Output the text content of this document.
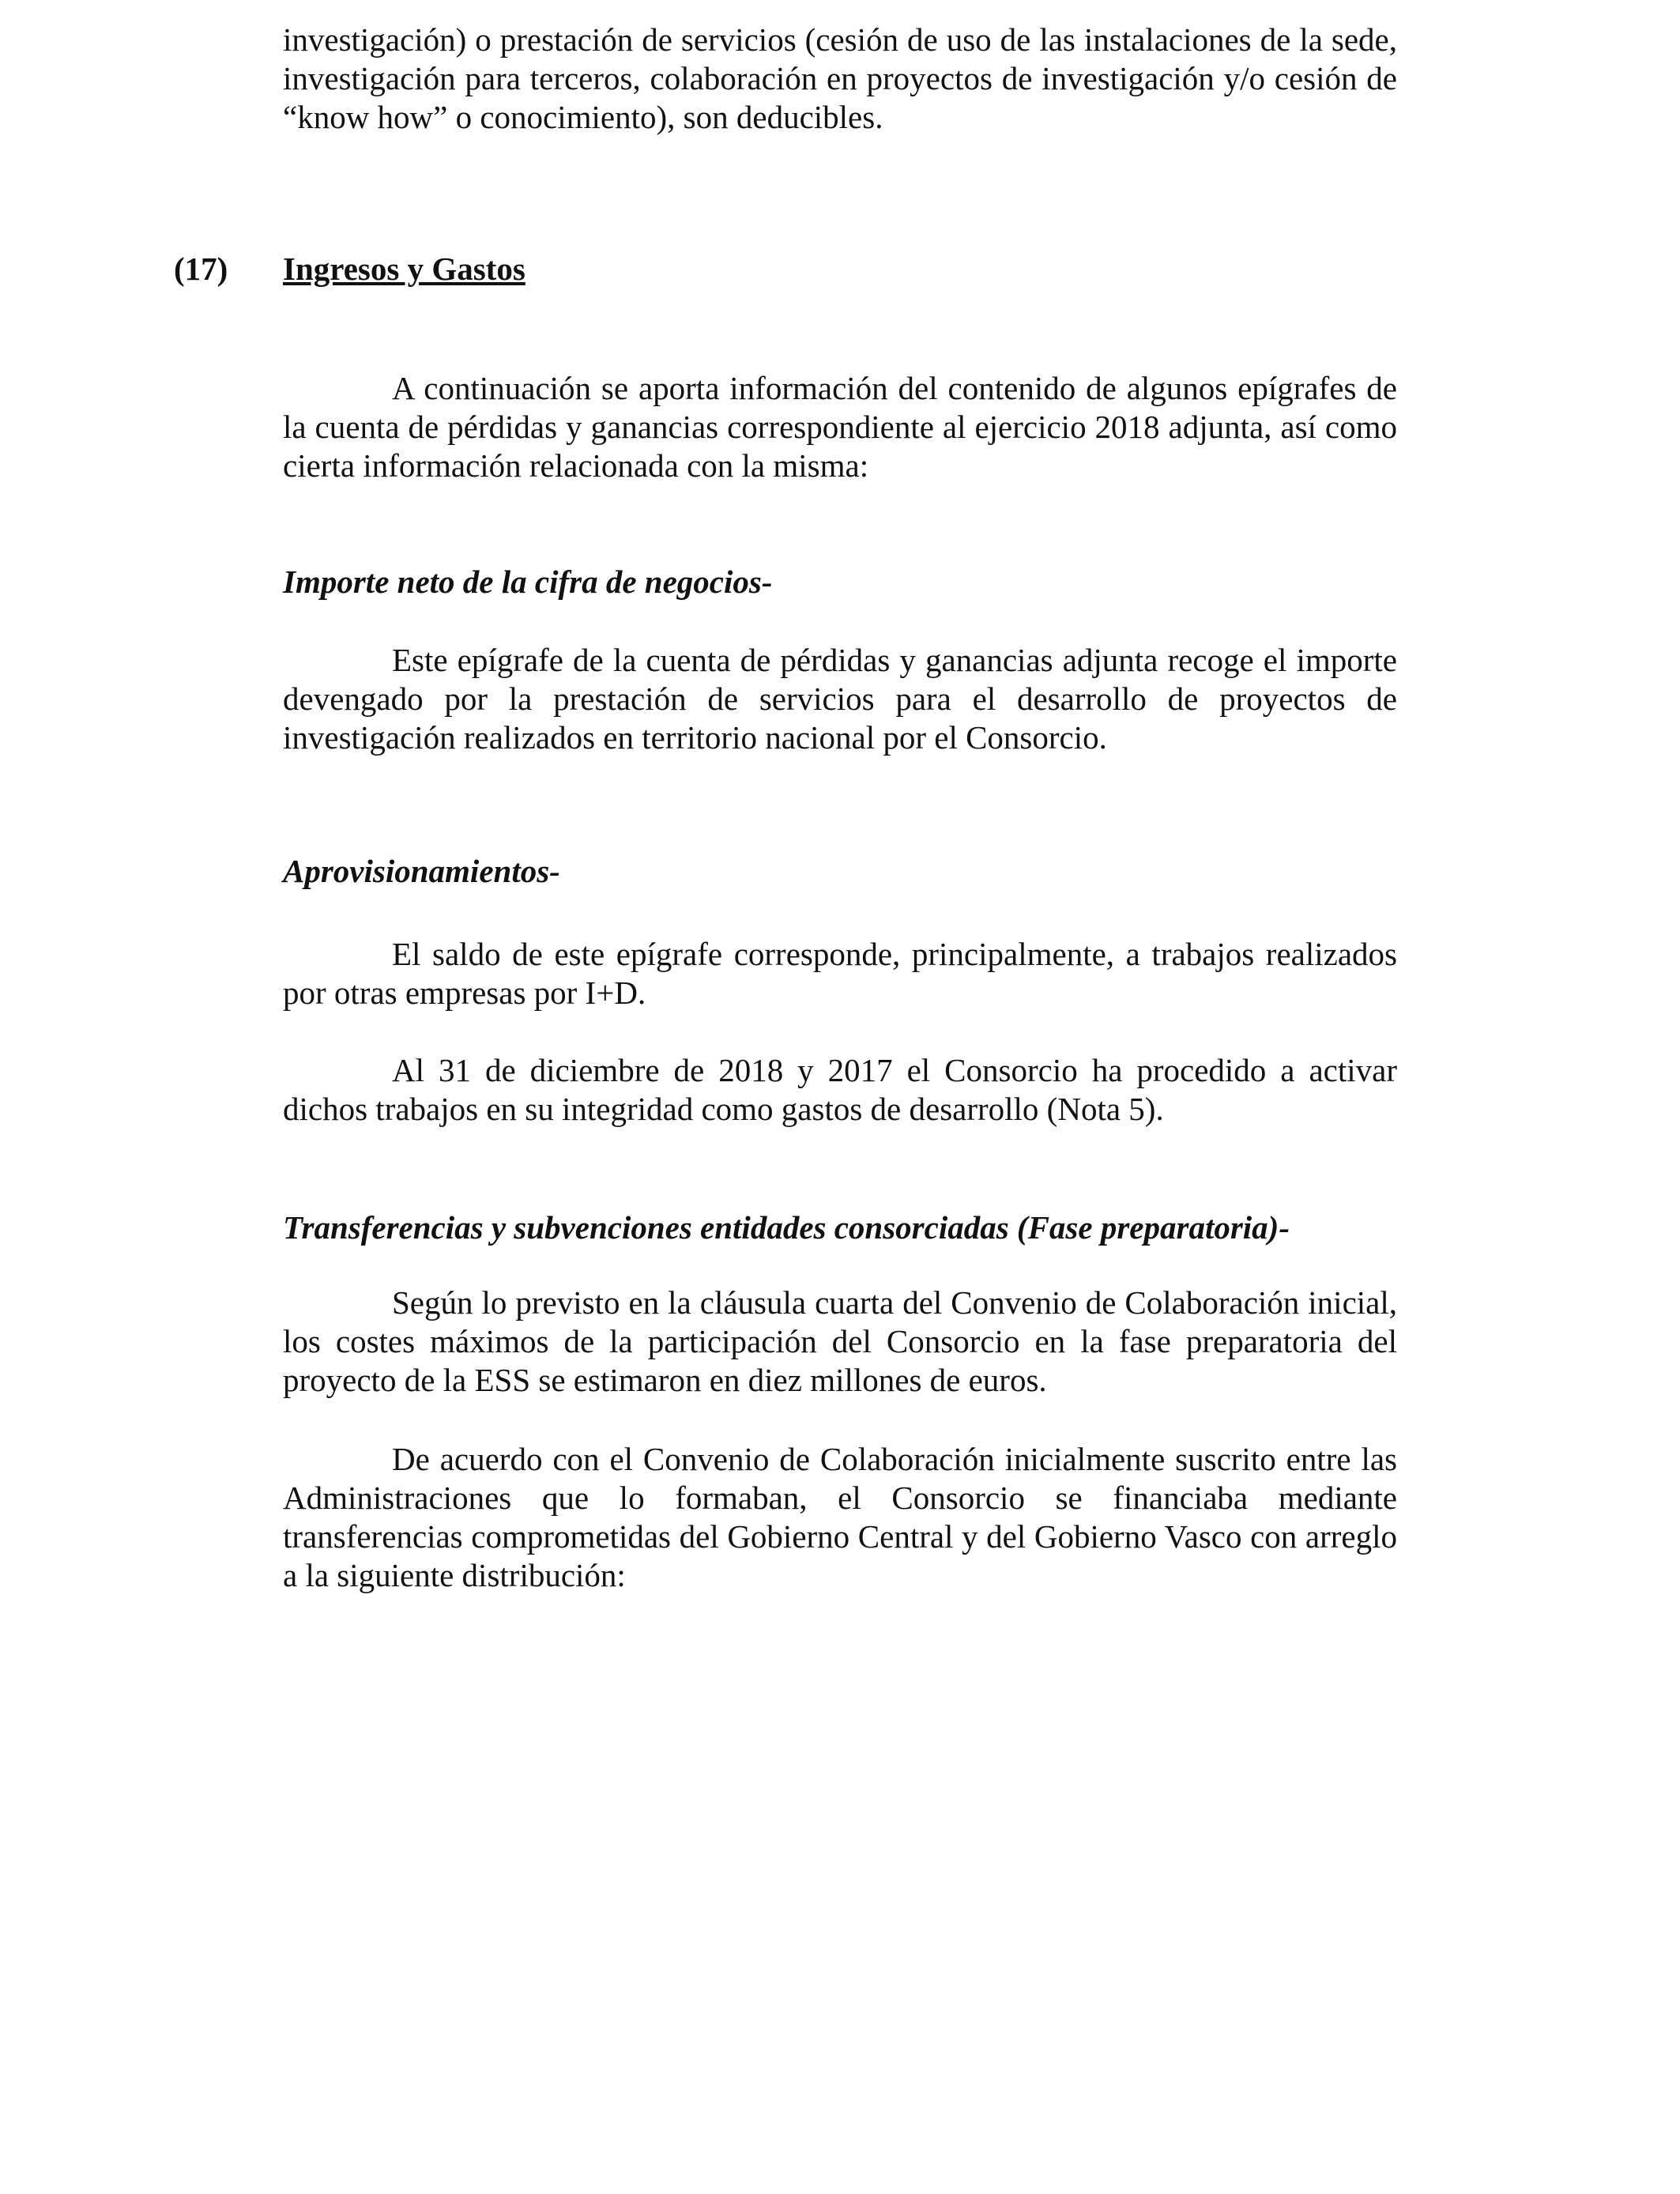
investigación) o prestación de servicios (cesión de uso de las instalaciones de la sede, investigación para terceros, colaboración en proyectos de investigación y/o cesión de “know how” o conocimiento), son deducibles.

(17) Ingresos y Gastos

A continuación se aporta información del contenido de algunos epígrafes de la cuenta de pérdidas y ganancias correspondiente al ejercicio 2018 adjunta, así como cierta información relacionada con la misma:

Importe neto de la cifra de negocios-

Este epígrafe de la cuenta de pérdidas y ganancias adjunta recoge el importe devengado por la prestación de servicios para el desarrollo de proyectos de investigación realizados en territorio nacional por el Consorcio.

Aprovisionamientos-

El saldo de este epígrafe corresponde, principalmente, a trabajos realizados por otras empresas por I+D.

Al 31 de diciembre de 2018 y 2017 el Consorcio ha procedido a activar dichos trabajos en su integridad como gastos de desarrollo (Nota 5).

Transferencias y subvenciones entidades consorciadas (Fase preparatoria)-

Según lo previsto en la cláusula cuarta del Convenio de Colaboración inicial, los costes máximos de la participación del Consorcio en la fase preparatoria del proyecto de la ESS se estimaron en diez millones de euros.

De acuerdo con el Convenio de Colaboración inicialmente suscrito entre las Administraciones que lo formaban, el Consorcio se financiaba mediante transferencias comprometidas del Gobierno Central y del Gobierno Vasco con arreglo a la siguiente distribución:
